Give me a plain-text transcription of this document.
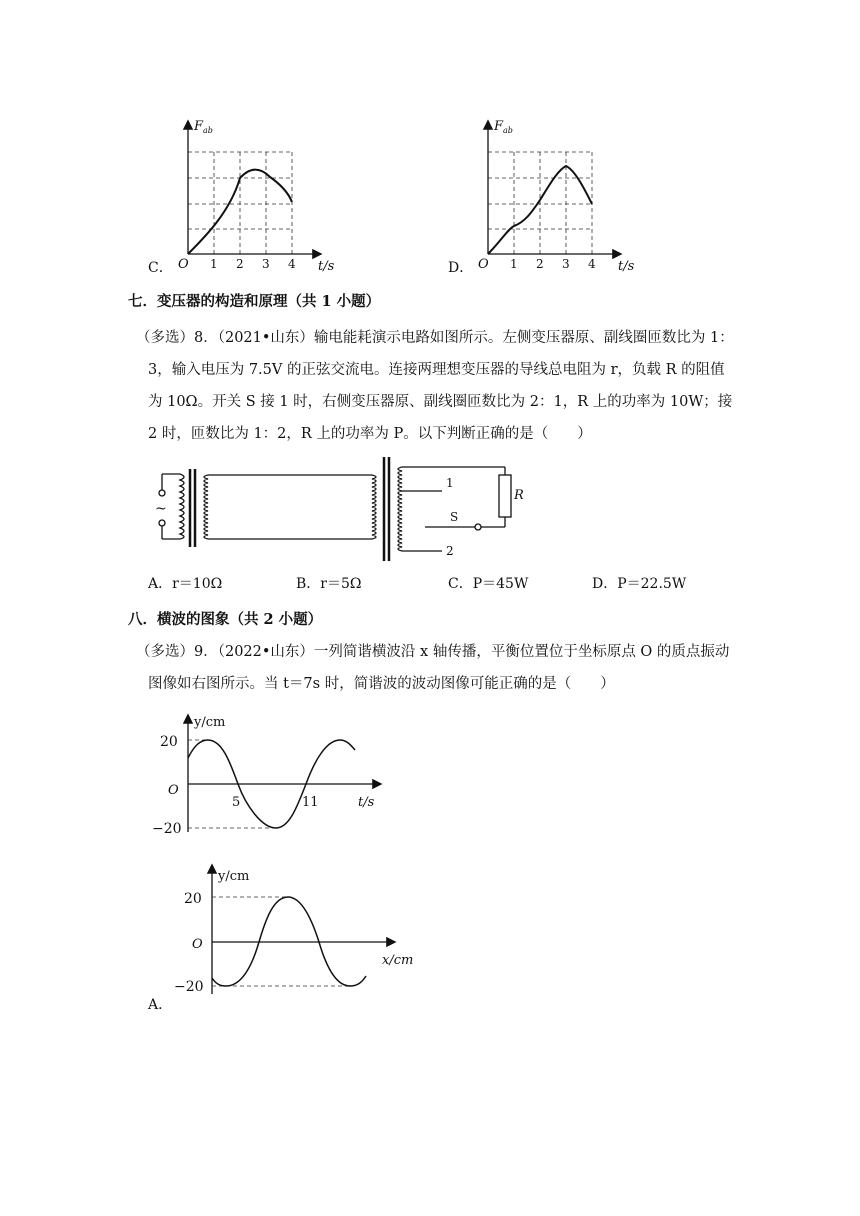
C．
F ab
O 1 2 3 4 t/s	D．
F ab
O 1 2 3 4 t/s
七．变压器的构造和原理（共 1 小题）
（多选）8．（2021•山东）输电能耗演示电路如图所示。左侧变压器原、副线圈匝数比为 1：
3，输入电压为 7.5V 的正弦交流电。连接两理想变压器的导线总电阻为 r，负载 R 的阻值
为 10Ω。开关 S 接 1 时，右侧变压器原、副线圈匝数比为 2：1，R 上的功率为 10W；接
2 时，匝数比为 1：2，R 上的功率为 P。以下判断正确的是（　　）
~
R
S
1
2
A．r＝10Ω	B．r＝5Ω	C．P＝45W	D．P＝22.5W
八．横波的图象（共 2 小题）
（多选）9．（2022•山东）一列简谐横波沿 x 轴传播，平衡位置位于坐标原点 O 的质点振动
图像如右图所示。当 t＝7s 时，简谐波的波动图像可能正确的是（　　）
y/cm
20
O
5	11	t/s
−20
y/cm
20
O
x/cm
−20
A．
